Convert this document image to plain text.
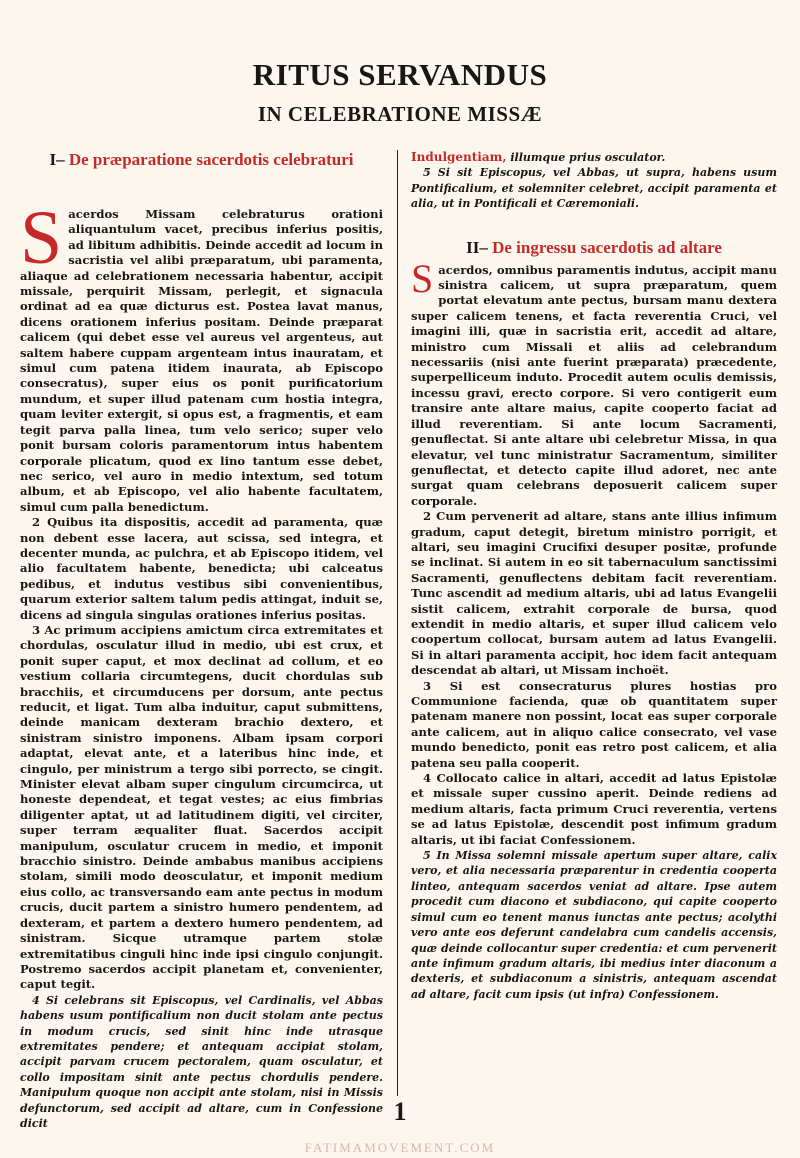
RITUS SERVANDUS
IN CELEBRATIONE MISSÆ
I– De præparatione sacerdotis celebraturi

Sacerdos Missam celebraturus orationi aliquantulum vacet, precibus inferius positis, ad libitum adhibitis. Deinde accedit ad locum in sacristia vel alibi præparatum, ubi paramenta, aliaque ad celebrationem necessaria habentur, accipit missale, perquirit Missam, perlegit, et signacula ordinat ad ea quæ dicturus est. Postea lavat manus, dicens orationem inferius positam. Deinde præparat calicem (qui debet esse vel aureus vel argenteus, aut saltem habere cuppam argenteam intus inauratam, et simul cum patena itidem inaurata, ab Episcopo consecratus), super eius os ponit purificatorium mundum, et super illud patenam cum hostia integra, quam leviter extergit, si opus est, a fragmentis, et eam tegit parva palla linea, tum velo serico; super velo ponit bursam coloris paramentorum intus habentem corporale plicatum, quod ex lino tantum esse debet, nec serico, vel auro in medio intextum, sed totum album, et ab Episcopo, vel alio habente facultatem, simul cum palla benedictum.

2 Quibus ita dispositis, accedit ad paramenta, quæ non debent esse lacera, aut scissa, sed integra, et decenter munda, ac pulchra, et ab Episcopo itidem, vel alio facultatem habente, benedicta; ubi calceatus pedibus, et indutus vestibus sibi convenientibus, quarum exterior saltem talum pedis attingat, induit se, dicens ad singula singulas orationes inferius positas.

3 Ac primum accipiens amictum circa extremitates et chordulas, osculatur illud in medio, ubi est crux, et ponit super caput, et mox declinat ad collum, et eo vestium collaria circumtegens, ducit chordulas sub bracchiis, et circumducens per dorsum, ante pectus reducit, et ligat. Tum alba induitur, caput submittens, deinde manicam dexteram brachio dextero, et sinistram sinistro imponens. Albam ipsam corpori adaptat, elevat ante, et a lateribus hinc inde, et cingulo, per ministrum a tergo sibi porrecto, se cingit. Minister elevat albam super cingulum circumcirca, ut honeste dependeat, et tegat vestes; ac eius fimbrias diligenter aptat, ut ad latitudinem digiti, vel circiter, super terram æqualiter fluat. Sacerdos accipit manipulum, osculatur crucem in medio, et imponit bracchio sinistro. Deinde ambabus manibus accipiens stolam, simili modo deosculatur, et imponit medium eius collo, ac transversando eam ante pectus in modum crucis, ducit partem a sinistro humero pendentem, ad dexteram, et partem a dextero humero pendentem, ad sinistram. Sicque utramque partem stolæ extremitatibus cinguli hinc inde ipsi cingulo conjungit. Postremo sacerdos accipit planetam et, convenienter, caput tegit.

4 Si celebrans sit Episcopus, vel Cardinalis, vel Abbas habens usum pontificalium non ducit stolam ante pectus in modum crucis, sed sinit hinc inde utrasque extremitates pendere; et antequam accipiat stolam, accipit parvam crucem pectoralem, quam osculatur, et collo impositam sinit ante pectus chordulis pendere. Manipulum quoque non accipit ante stolam, nisi in Missis defunctorum, sed accipit ad altare, cum in Confessione dicit

Indulgentiam, illumque prius osculator.

5 Si sit Episcopus, vel Abbas, ut supra, habens usum Pontificalium, et solemniter celebret, accipit paramenta et alia, ut in Pontificali et Cæremoniali.

II– De ingressu sacerdotis ad altare

Sacerdos, omnibus paramentis indutus, accipit manu sinistra calicem, ut supra præparatum, quem portat elevatum ante pectus, bursam manu dextera super calicem tenens, et facta reverentia Cruci, vel imagini illi, quæ in sacristia erit, accedit ad altare, ministro cum Missali et aliis ad celebrandum necessariis (nisi ante fuerint præparata) præcedente, superpelliceum induto. Procedit autem oculis demissis, incessu gravi, erecto corpore. Si vero contigerit eum transire ante altare maius, capite cooperto faciat ad illud reverentiam. Si ante locum Sacramenti, genuflectat. Si ante altare ubi celebretur Missa, in qua elevatur, vel tunc ministratur Sacramentum, similiter genuflectat, et detecto capite illud adoret, nec ante surgat quam celebrans deposuerit calicem super corporale.

2 Cum pervenerit ad altare, stans ante illius infimum gradum, caput detegit, biretum ministro porrigit, et altari, seu imagini Crucifixi desuper positæ, profunde se inclinat. Si autem in eo sit tabernaculum sanctissimi Sacramenti, genuflectens debitam facit reverentiam. Tunc ascendit ad medium altaris, ubi ad latus Evangelii sistit calicem, extrahit corporale de bursa, quod extendit in medio altaris, et super illud calicem velo coopertum collocat, bursam autem ad latus Evangelii. Si in altari paramenta accipit, hoc idem facit antequam descendat ab altari, ut Missam inchoët.

3 Si est consecraturus plures hostias pro Communione facienda, quæ ob quantitatem super patenam manere non possint, locat eas super corporale ante calicem, aut in aliquo calice consecrato, vel vase mundo benedicto, ponit eas retro post calicem, et alia patena seu palla cooperit.

4 Collocato calice in altari, accedit ad latus Epistolæ et missale super cussino aperit. Deinde rediens ad medium altaris, facta primum Cruci reverentia, vertens se ad latus Epistolæ, descendit post infimum gradum altaris, ut ibi faciat Confessionem.

5 In Missa solemni missale apertum super altare, calix vero, et alia necessaria præparentur in credentia cooperta linteo, antequam sacerdos veniat ad altare. Ipse autem procedit cum diacono et subdiacono, qui capite cooperto simul cum eo tenent manus iunctas ante pectus; acolythi vero ante eos deferunt candelabra cum candelis accensis, quæ deinde collocantur super credentia: et cum pervenerit ante infimum gradum altaris, ibi medius inter diaconum a dexteris, et subdiaconum a sinistris, antequam ascendat ad altare, facit cum ipsis (ut infra) Confessionem.

1
FATIMAMOVEMENT.COM
